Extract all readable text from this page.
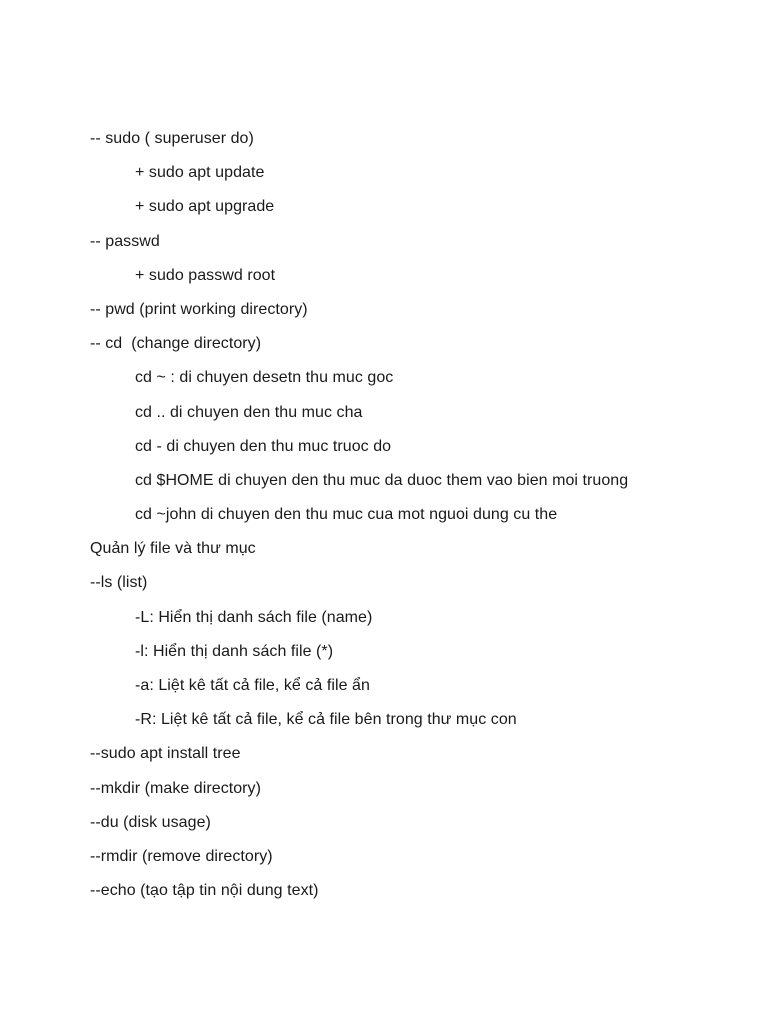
-- sudo ( superuser do)
+ sudo apt update
+ sudo apt upgrade
-- passwd
+ sudo passwd root
-- pwd (print working directory)
-- cd  (change directory)
cd ~ : di chuyen desetn thu muc goc
cd .. di chuyen den thu muc cha
cd - di chuyen den thu muc truoc do
cd $HOME di chuyen den thu muc da duoc them vao bien moi truong
cd ~john di chuyen den thu muc cua mot nguoi dung cu the
Quản lý file và thư mục
--ls (list)
-L: Hiển thị danh sách file (name)
-l: Hiển thị danh sách file (*)
-a: Liệt kê tất cả file, kể cả file ẩn
-R: Liệt kê tất cả file, kể cả file bên trong thư mục con
--sudo apt install tree
--mkdir (make directory)
--du (disk usage)
--rmdir (remove directory)
--echo (tạo tập tin nội dung text)
